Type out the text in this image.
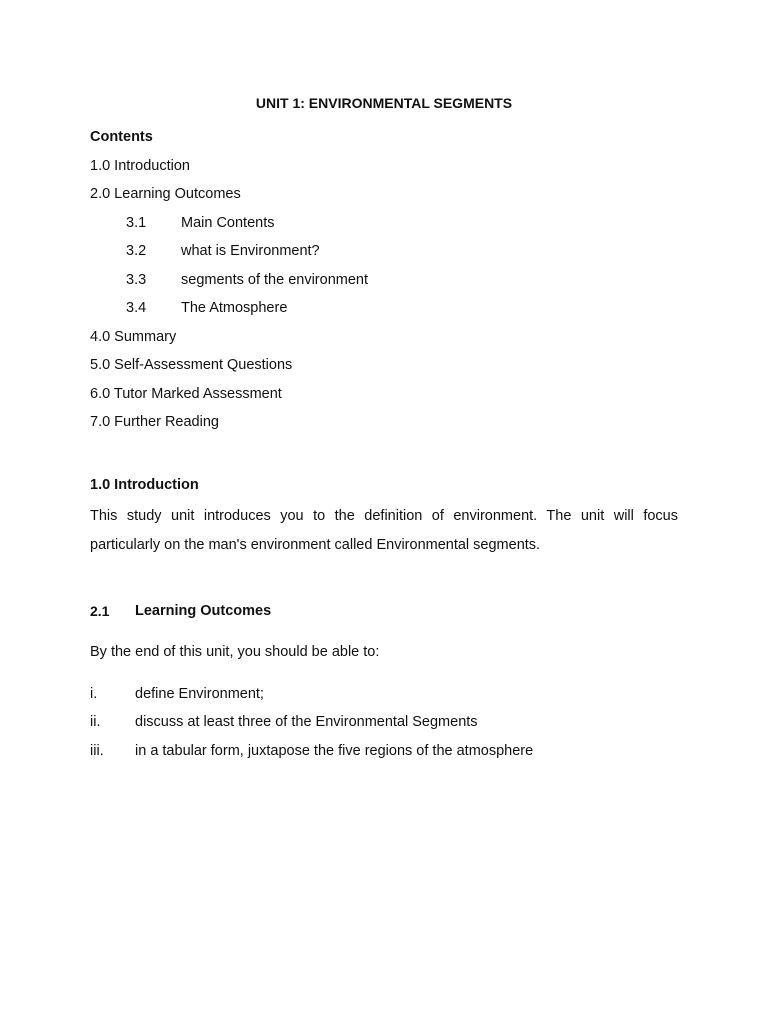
UNIT 1: ENVIRONMENTAL SEGMENTS
Contents
1.0 Introduction
2.0 Learning Outcomes
3.1 Main Contents
3.2 what is Environment?
3.3 segments of the environment
3.4 The Atmosphere
4.0 Summary
5.0 Self-Assessment Questions
6.0 Tutor Marked Assessment
7.0 Further Reading
1.0 Introduction
This study unit introduces you to the definition of environment. The unit will focus particularly on the man's environment called Environmental segments.
2.1 Learning Outcomes
By the end of this unit, you should be able to:
i.	define Environment;
ii. discuss at least three of the Environmental Segments
iii. in a tabular form, juxtapose the five regions of the atmosphere
